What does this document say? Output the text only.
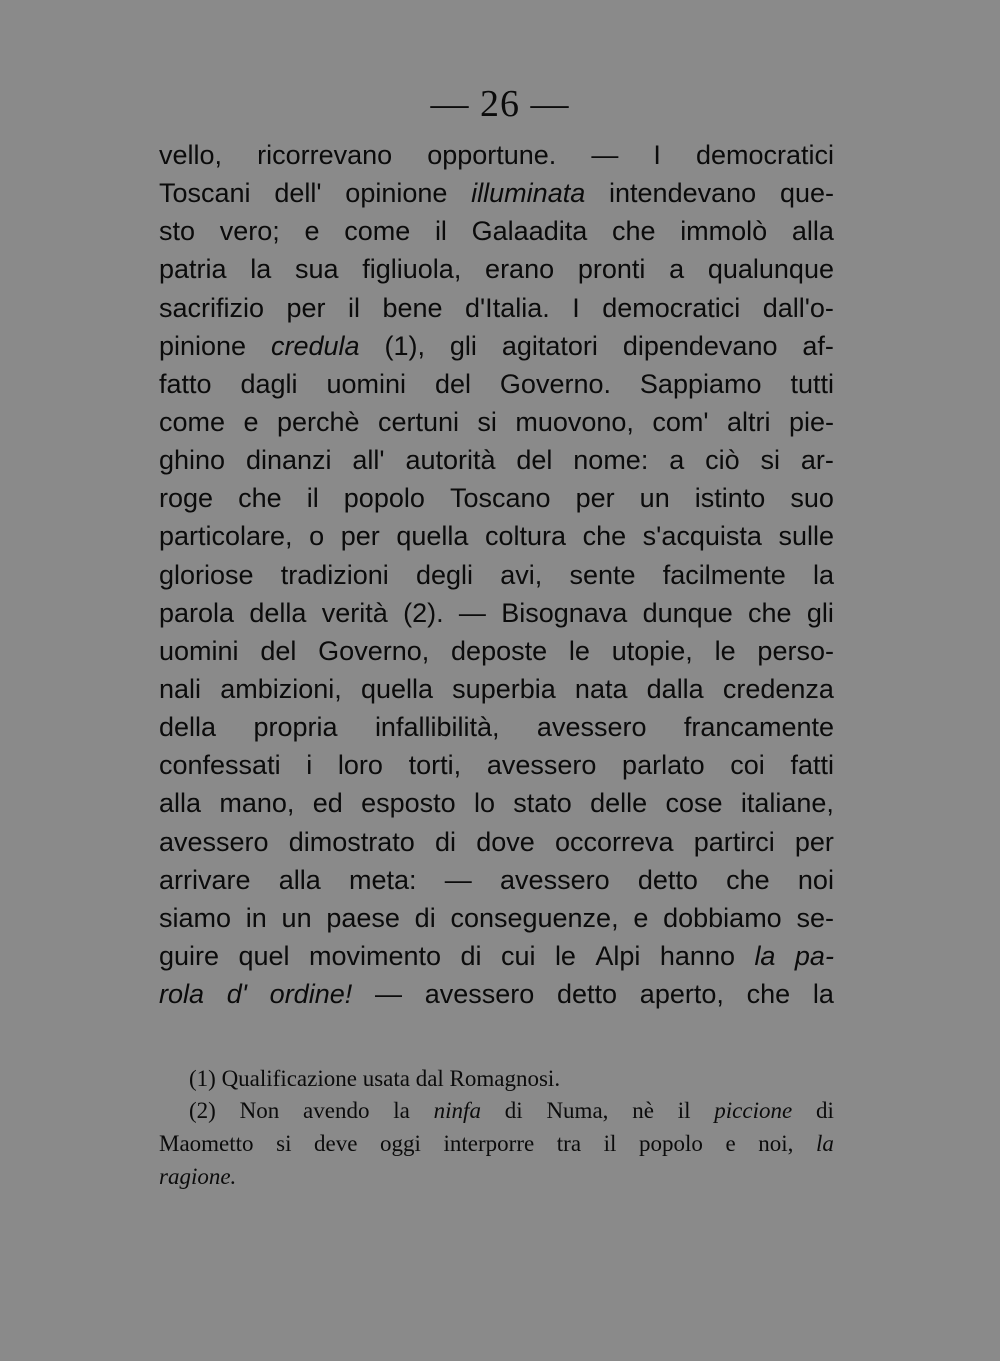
— 26 —
vello, ricorrevano opportune. — I democratici
Toscani dell' opinione illuminata intendevano que-
sto vero; e come il Galaadita che immolò alla
patria la sua figliuola, erano pronti a qualunque
sacrifizio per il bene d'Italia. I democratici dall'o-
pinione credula (1), gli agitatori dipendevano af-
fatto dagli uomini del Governo. Sappiamo tutti
come e perchè certuni si muovono, com' altri pie-
ghino dinanzi all' autorità del nome: a ciò si ar-
roge che il popolo Toscano per un istinto suo
particolare, o per quella coltura che s'acquista sulle
gloriose tradizioni degli avi, sente facilmente la
parola della verità (2). — Bisognava dunque che gli
uomini del Governo, deposte le utopie, le perso-
nali ambizioni, quella superbia nata dalla credenza
della propria infallibilità, avessero francamente
confessati i loro torti, avessero parlato coi fatti
alla mano, ed esposto lo stato delle cose italiane,
avessero dimostrato di dove occorreva partirci per
arrivare alla meta: — avessero detto che noi
siamo in un paese di conseguenze, e dobbiamo se-
guire quel movimento di cui le Alpi hanno la pa-
rola d' ordine! — avessero detto aperto, che la
(1) Qualificazione usata dal Romagnosi.
(2) Non avendo la ninfa di Numa, nè il piccione di
Maometto si deve oggi interporre tra il popolo e noi, la
ragione.
